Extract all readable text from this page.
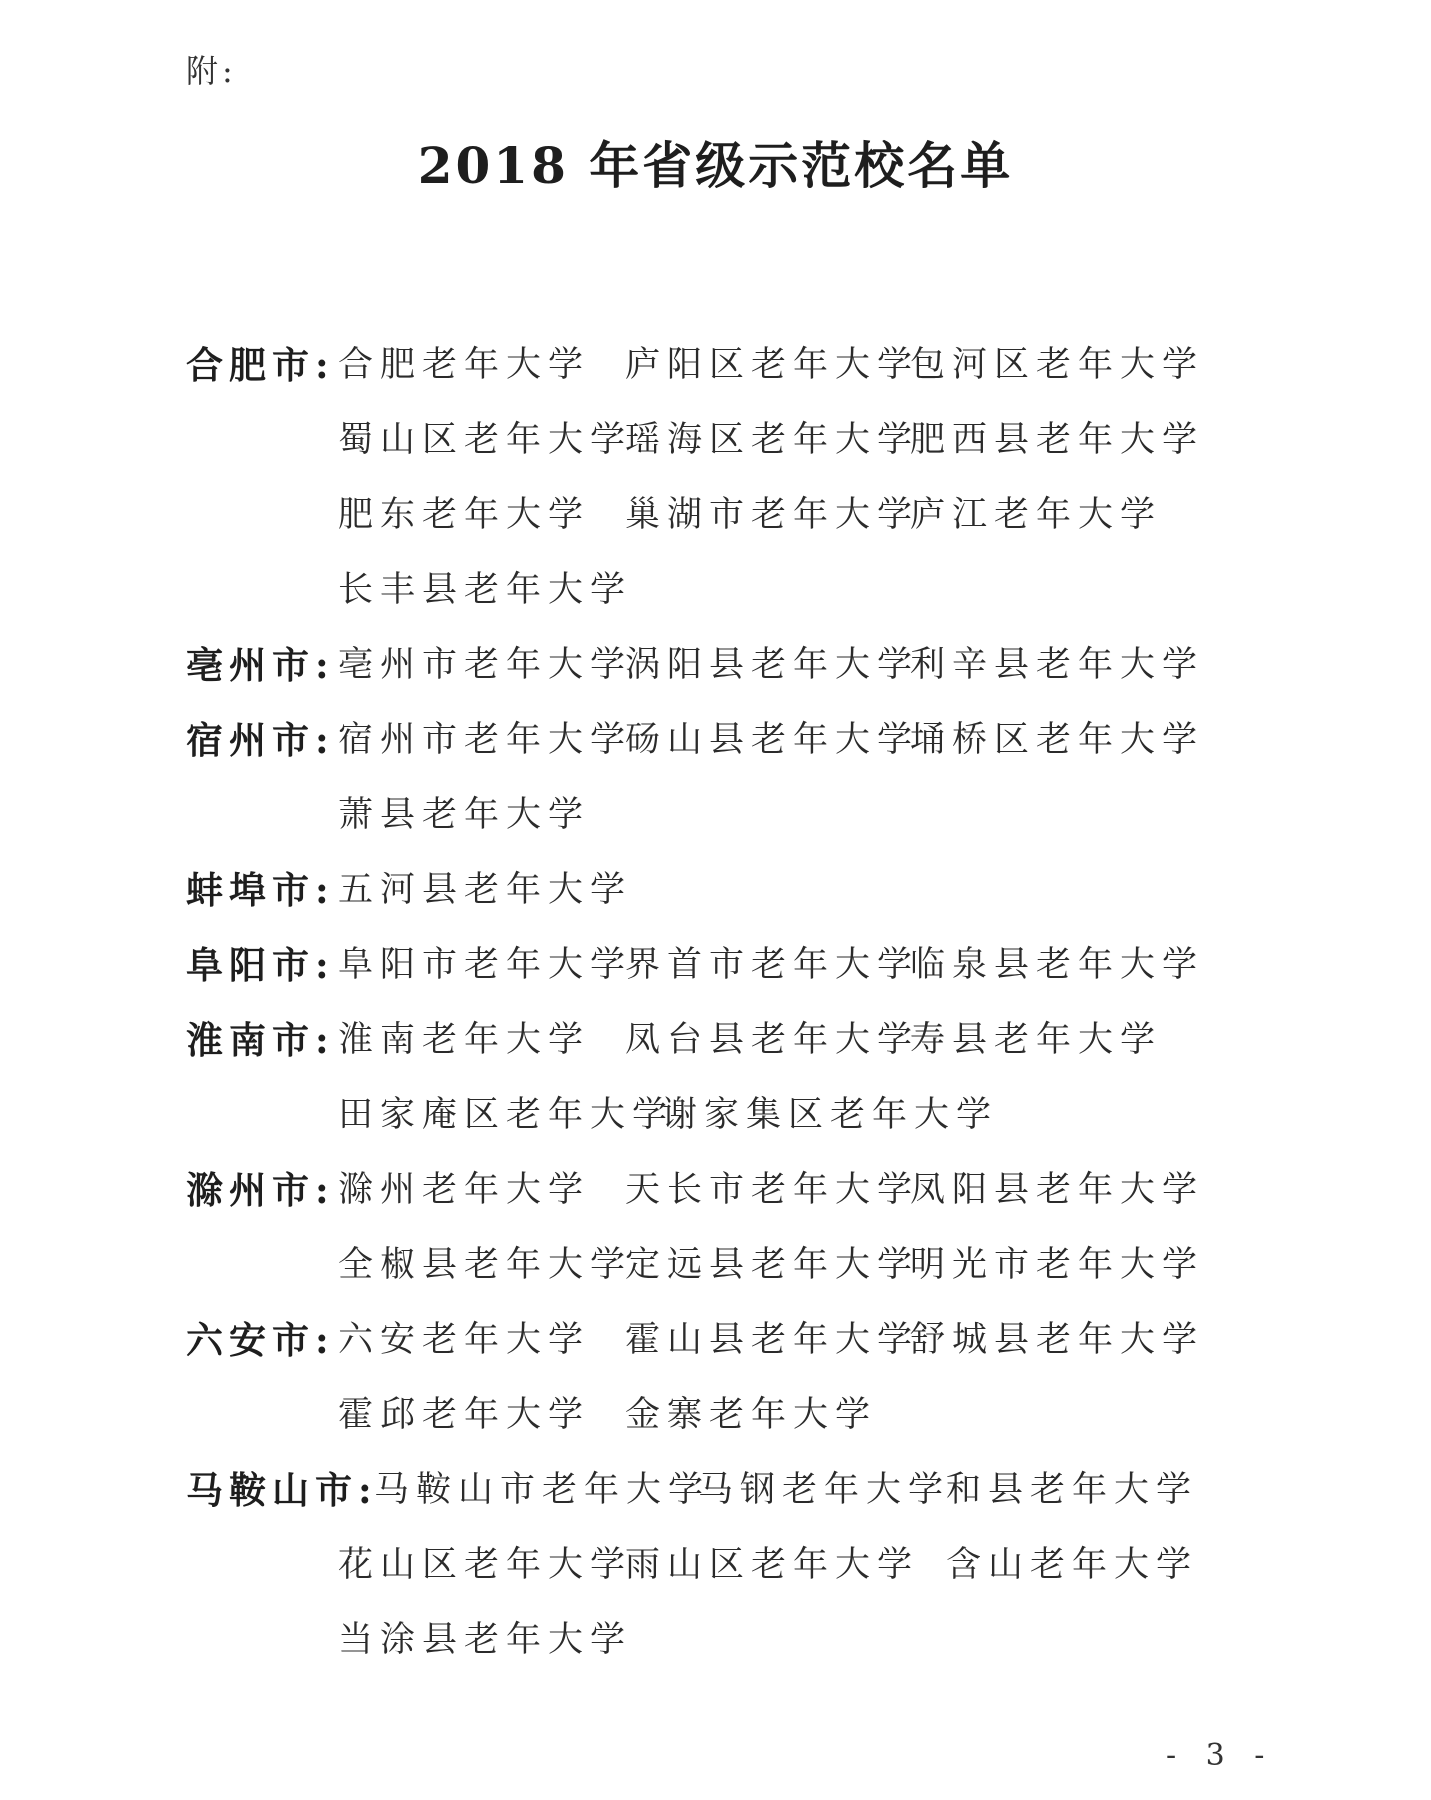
附:
2018 年省级示范校名单
合肥市: 合肥老年大学 庐阳区老年大学
包河区老年大学
蜀山区老年大学
瑶海区老年大学
肥西县老年大学
肥东老年大学 巢湖市老年大学
庐江老年大学
长丰县老年大学
亳州市: 亳州市老年大学
涡阳县老年大学
利辛县老年大学
宿州市: 宿州市老年大学
砀山县老年大学
埇桥区老年大学
萧县老年大学
蚌埠市: 五河县老年大学
阜阳市: 阜阳市老年大学
界首市老年大学
临泉县老年大学
淮南市: 淮南老年大学 凤台县老年大学
寿县老年大学
田家庵区老年大学
谢家集区老年大学
滁州市: 滁州老年大学 天长市老年大学
凤阳县老年大学
全椒县老年大学
定远县老年大学
明光市老年大学
六安市: 六安老年大学 霍山县老年大学
舒城县老年大学
霍邱老年大学 金寨老年大学
马鞍山市:
马鞍山市老年大学
马钢老年大学
和县老年大学
花山区老年大学
雨山区老年大学 含山老年大学
当涂县老年大学
- 3 -
